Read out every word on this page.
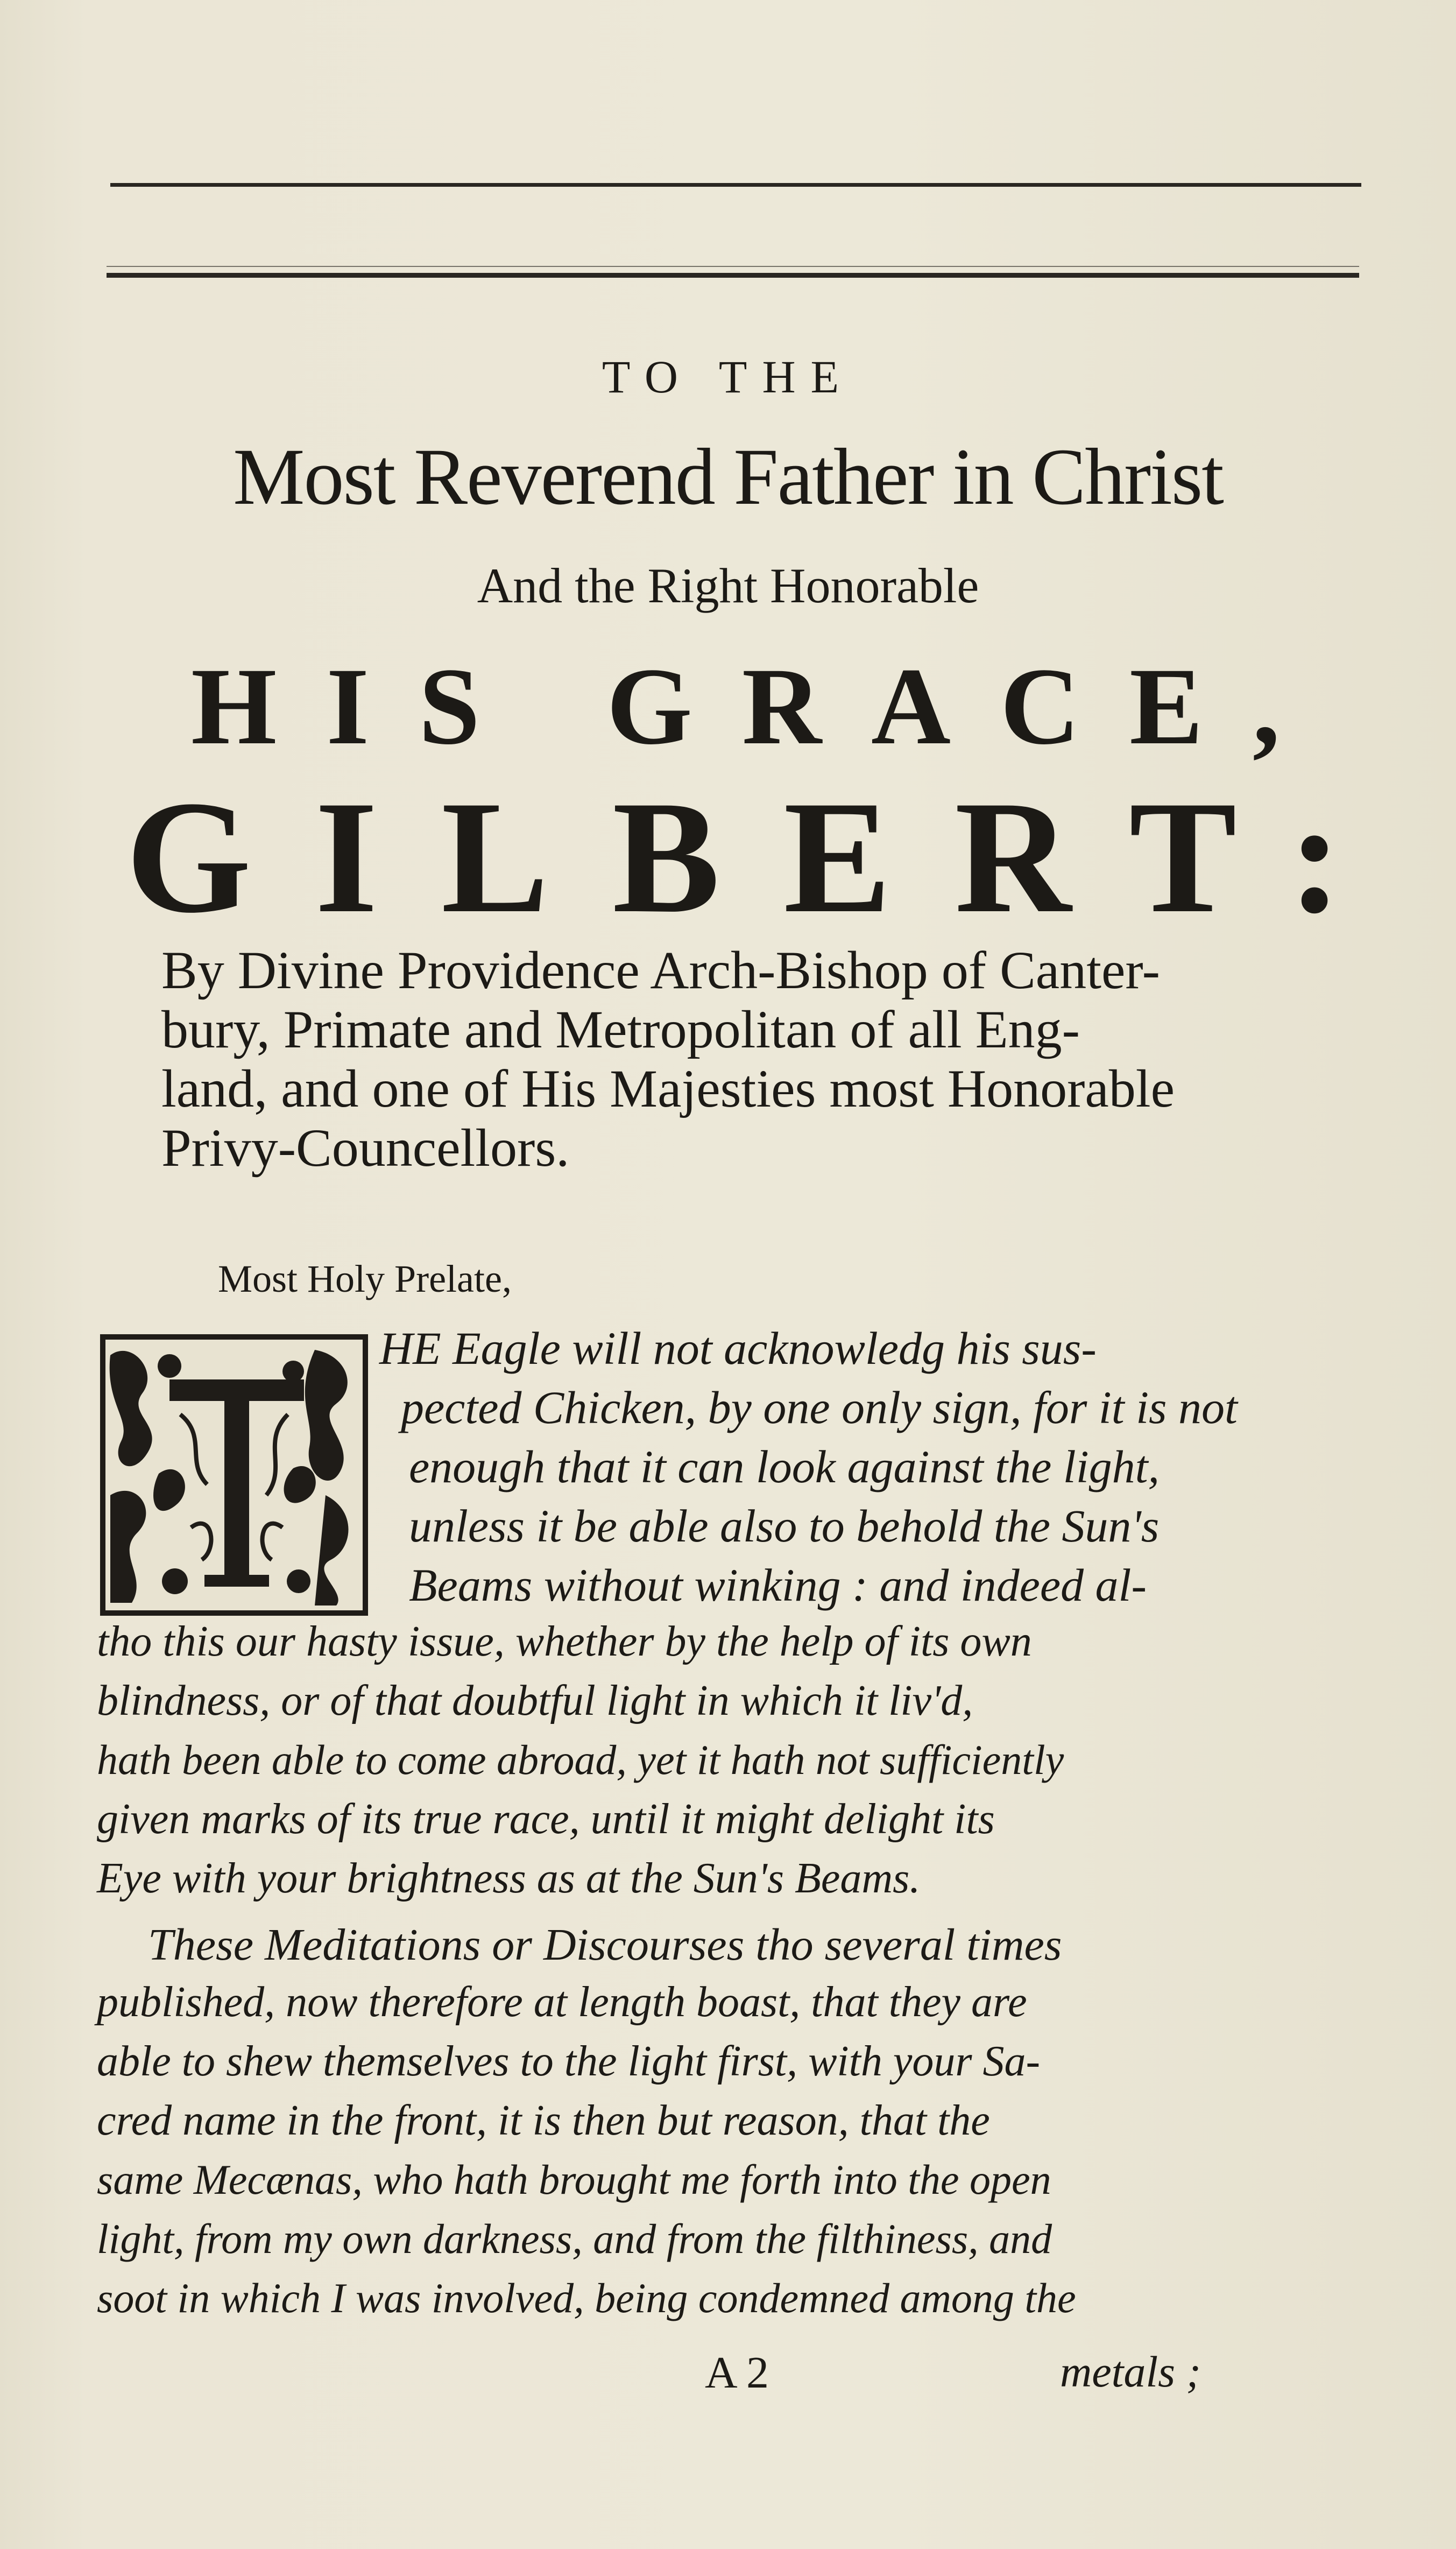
TO THE
Most Reverend Father in Christ
And the Right Honorable
HIS GRACE,
GILBERT:
By Divine Providence Arch-Bishop of Canter-
bury, Primate and Metropolitan of all Eng-
land, and one of His Majesties most Honorable
Privy-Councellors.
Most Holy Prelate,
HE Eagle will not acknowledg his sus-
pected Chicken, by one only sign, for it is not
enough that it can look against the light,
unless it be able also to behold the Sun's
Beams without winking : and indeed al-
tho this our hasty issue, whether by the help of its own
blindness, or of that doubtful light in which it liv'd,
hath been able to come abroad, yet it hath not sufficiently
given marks of its true race, until it might delight its
Eye with your brightness as at the Sun's Beams.
These Meditations or Discourses tho several times
published, now therefore at length boast, that they are
able to shew themselves to the light first, with your Sa-
cred name in the front, it is then but reason, that the
same Mecænas, who hath brought me forth into the open
light, from my own darkness, and from the filthiness, and
soot in which I was involved, being condemned among the
A 2	metals ;
